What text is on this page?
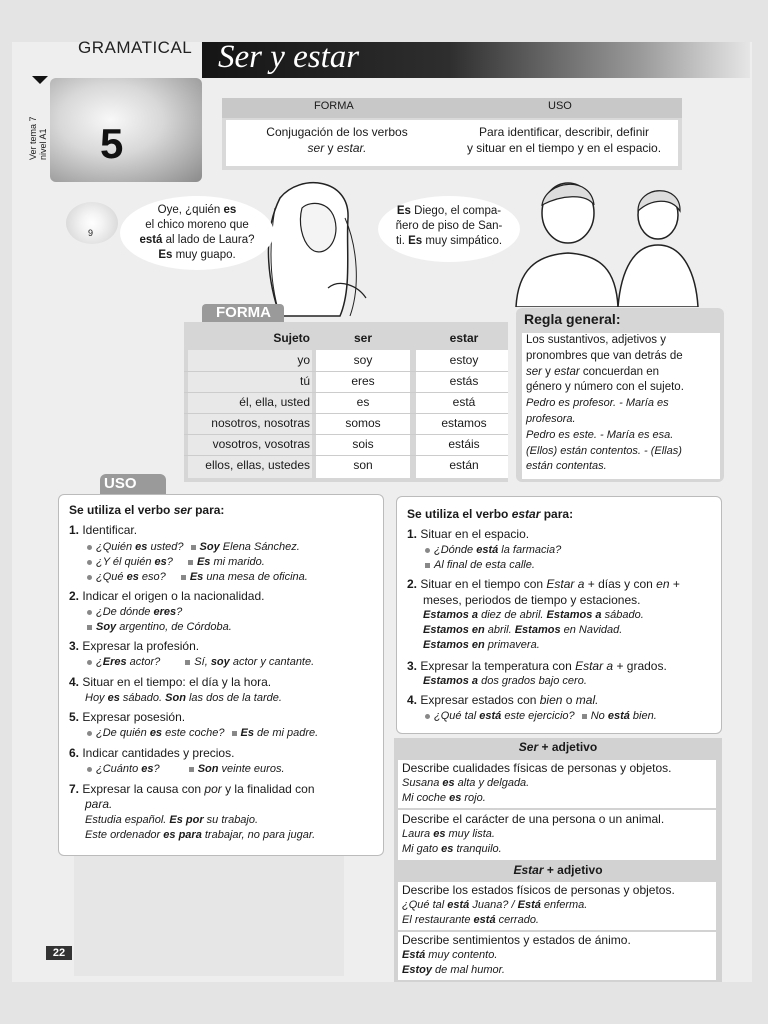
GRAMATICAL Ser y estar
5
Ver tema 7
nivel A1
FORMA	USO
Conjugación de los verbos
ser y estar.
Para identificar, describir, definir
y situar en el tiempo y en el espacio.
9
Oye, ¿quién es
el chico moreno que
está al lado de Laura?
Es muy guapo.
Es Diego, el compa-
ñero de piso de San-
ti. Es muy simpático.
FORMA
Sujeto	ser	estar
yo	soy	estoy
tú	eres	estás
él, ella, usted	es	está
nosotros, nosotras	somos	estamos
vosotros, vosotras	sois	estáis
ellos, ellas, ustedes	son	están
Regla general:
Los sustantivos, adjetivos y
pronombres que van detrás de
ser y estar concuerdan en
género y número con el sujeto.
Pedro es profesor. - María es
profesora.
Pedro es este. - María es esa.
(Ellos) están contentos. - (Ellas)
están contentas.
USO
Se utiliza el verbo ser para:
1. Identificar.
¿Quién es usted? Soy Elena Sánchez.
¿Y él quién es? Es mi marido.
¿Qué es eso? Es una mesa de oficina.
2. Indicar el origen o la nacionalidad.
¿De dónde eres?
Soy argentino, de Córdoba.
3. Expresar la profesión.
¿Eres actor?	Sí, soy actor y cantante.
4. Situar en el tiempo: el día y la hora.
Hoy es sábado. Son las dos de la tarde.
5. Expresar posesión.
¿De quién es este coche? Es de mi padre.
6. Indicar cantidades y precios.
¿Cuánto es?	Son veinte euros.
7. Expresar la causa con por y la finalidad con
para.
Estudia español. Es por su trabajo.
Este ordenador es para trabajar, no para jugar.
Se utiliza el verbo estar para:
1. Situar en el espacio.
¿Dónde está la farmacia?
Al final de esta calle.
2. Situar en el tiempo con Estar a + días y con en +
meses, periodos de tiempo y estaciones.
Estamos a diez de abril. Estamos a sábado.
Estamos en abril. Estamos en Navidad.
Estamos en primavera.
3. Expresar la temperatura con Estar a + grados.
Estamos a dos grados bajo cero.
4. Expresar estados con bien o mal.
¿Qué tal está este ejercicio? No está bien.
Ser + adjetivo
Describe cualidades físicas de personas y objetos.
Susana es alta y delgada.
Mi coche es rojo.
Describe el carácter de una persona o un animal.
Laura es muy lista.
Mi gato es tranquilo.
Estar + adjetivo
Describe los estados físicos de personas y objetos.
¿Qué tal está Juana? / Está enferma.
El restaurante está cerrado.
Describe sentimientos y estados de ánimo.
Está muy contento.
Estoy de mal humor.
22
